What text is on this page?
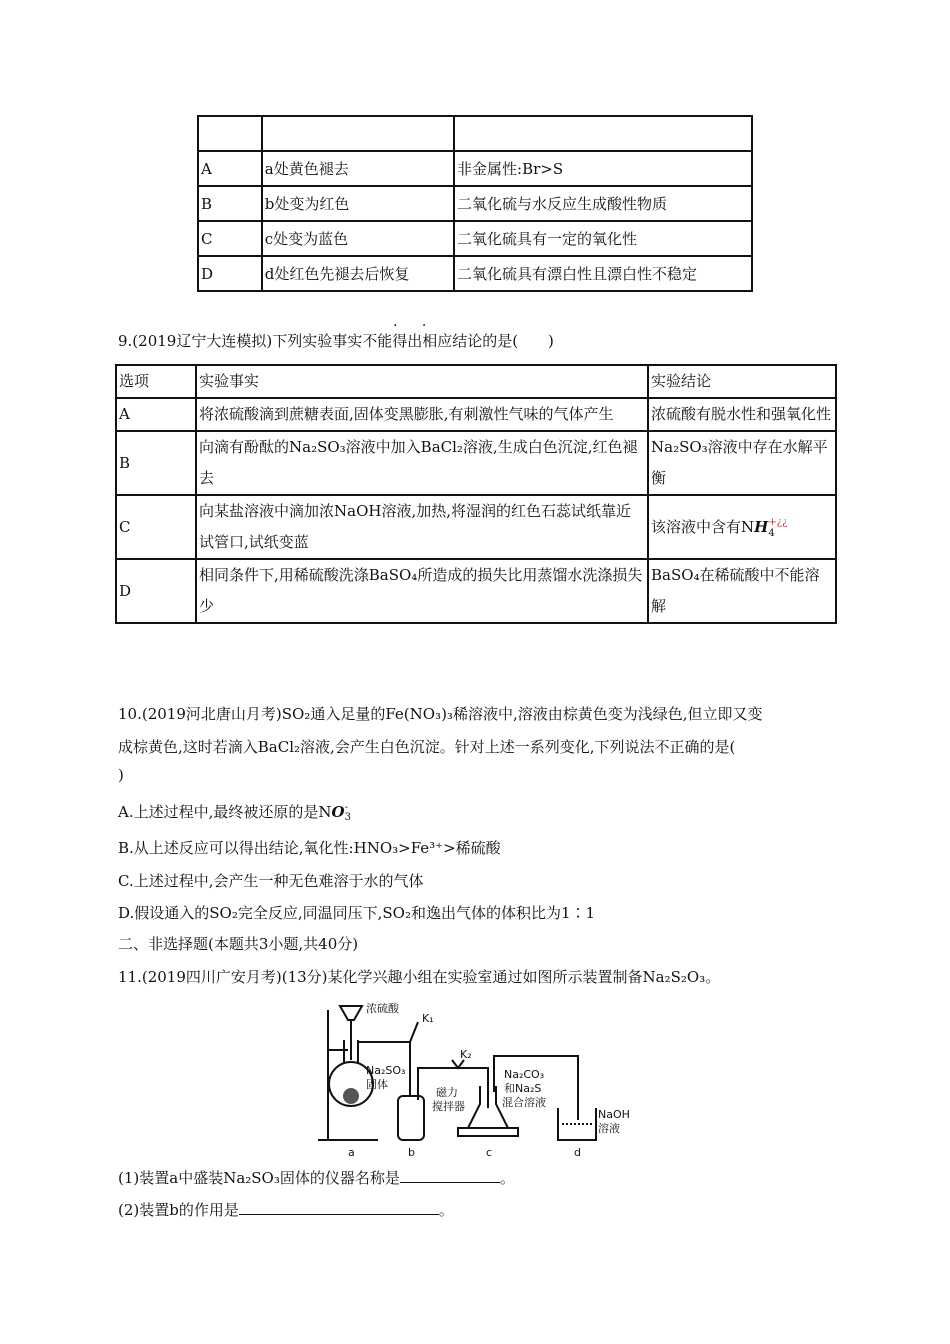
A	a处黄色褪去	非金属性:Br>S
B	b处变为红色	二氧化硫与水反应生成酸性物质
C	c处变为蓝色	二氧化硫具有一定的氧化性
D	d处红色先褪去后恢复	二氧化硫具有漂白性且漂白性不稳定
· ·
9.(2019辽宁大连模拟)下列实验事实不能得出相应结论的是(　　)
选项	实验事实	实验结论
A	将浓硫酸滴到蔗糖表面,固体变黑膨胀,有刺激性气味的气体产生	浓硫酸有脱水性和强氧化性
B	向滴有酚酞的Na₂SO₃溶液中加入BaCl₂溶液,生成白色沉淀,红色褪去	Na₂SO₃溶液中存在水解平衡
C	向某盐溶液中滴加浓NaOH溶液,加热,将湿润的红色石蕊试纸靠近试管口,试纸变蓝	该溶液中含有NH +¿¿
4

D	相同条件下,用稀硫酸洗涤BaSO₄所造成的损失比用蒸馏水洗涤损失少	BaSO₄在稀硫酸中不能溶解
10.(2019河北唐山月考)SO₂通入足量的Fe(NO₃)₃稀溶液中,溶液由棕黄色变为浅绿色,但立即又变
成棕黄色,这时若滴入BaCl₂溶液,会产生白色沉淀。针对上述一系列变化,下列说法不正确的是(
)
A.上述过程中,最终被还原的是NO -
3
B.从上述反应可以得出结论,氧化性:HNO₃>Fe³⁺>稀硫酸
C.上述过程中,会产生一种无色难溶于水的气体
D.假设通入的SO₂完全反应,同温同压下,SO₂和逸出气体的体积比为1∶1
二、非选择题(本题共3小题,共40分)
11.(2019四川广安月考)(13分)某化学兴趣小组在实验室通过如图所示装置制备Na₂S₂O₃。
浓硫酸
K₁
K₂
Na₂SO₃
固体
磁力
搅拌器
Na₂CO₃
和Na₂S
混合溶液
NaOH
溶液
a	b	c	d
(1)装置a中盛装Na₂SO₃固体的仪器名称是	。
(2)装置b的作用是	。
